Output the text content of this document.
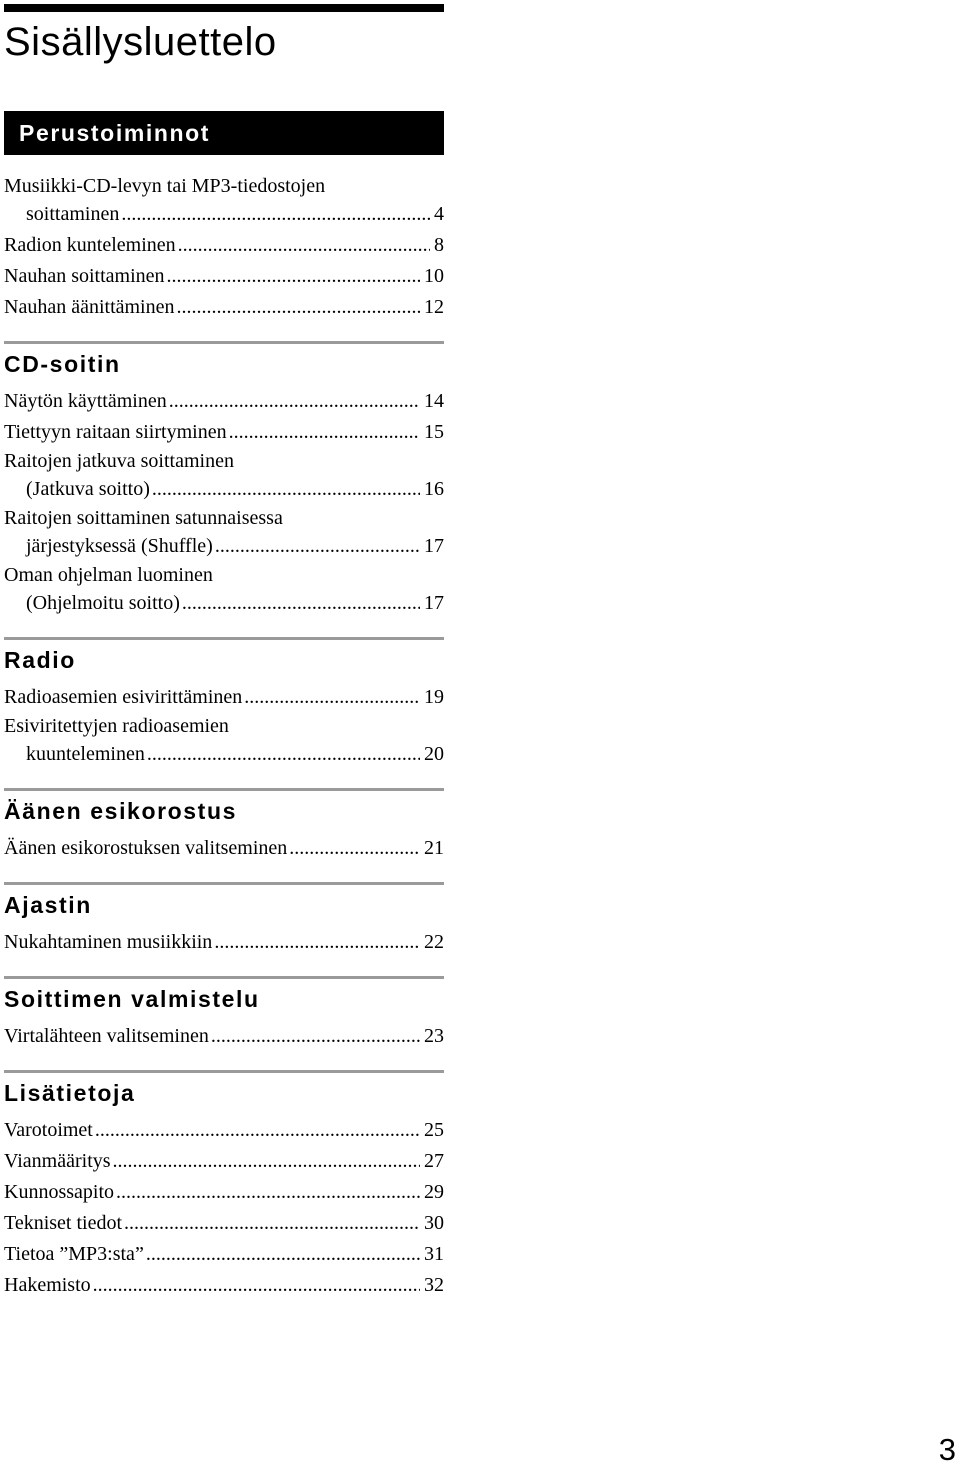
Sisällysluettelo
Perustoiminnot
Musiikki-CD-levyn tai MP3-tiedostojen
soittaminen .....	4
Radion kunteleminen .....	8
Nauhan soittaminen .....	10
Nauhan äänittäminen .....	12
CD-soitin
Näytön käyttäminen .....	14
Tiettyyn raitaan siirtyminen .....	15
Raitojen jatkuva soittaminen
(Jatkuva soitto) .....	16
Raitojen soittaminen satunnaisessa
järjestyksessä (Shuffle) .....	17
Oman ohjelman luominen
(Ohjelmoitu soitto) .....	17
Radio
Radioasemien esivirittäminen .....	19
Esiviritettyjen radioasemien
kuunteleminen .....	20
Äänen esikorostus
Äänen esikorostuksen valitseminen .....	21
Ajastin
Nukahtaminen musiikkiin .....	22
Soittimen valmistelu
Virtalähteen valitseminen .....	23
Lisätietoja
Varotoimet .....	25
Vianmääritys .....	27
Kunnossapito .....	29
Tekniset tiedot .....	30
Tietoa ”MP3:sta” .....	31
Hakemisto .....	32
3
